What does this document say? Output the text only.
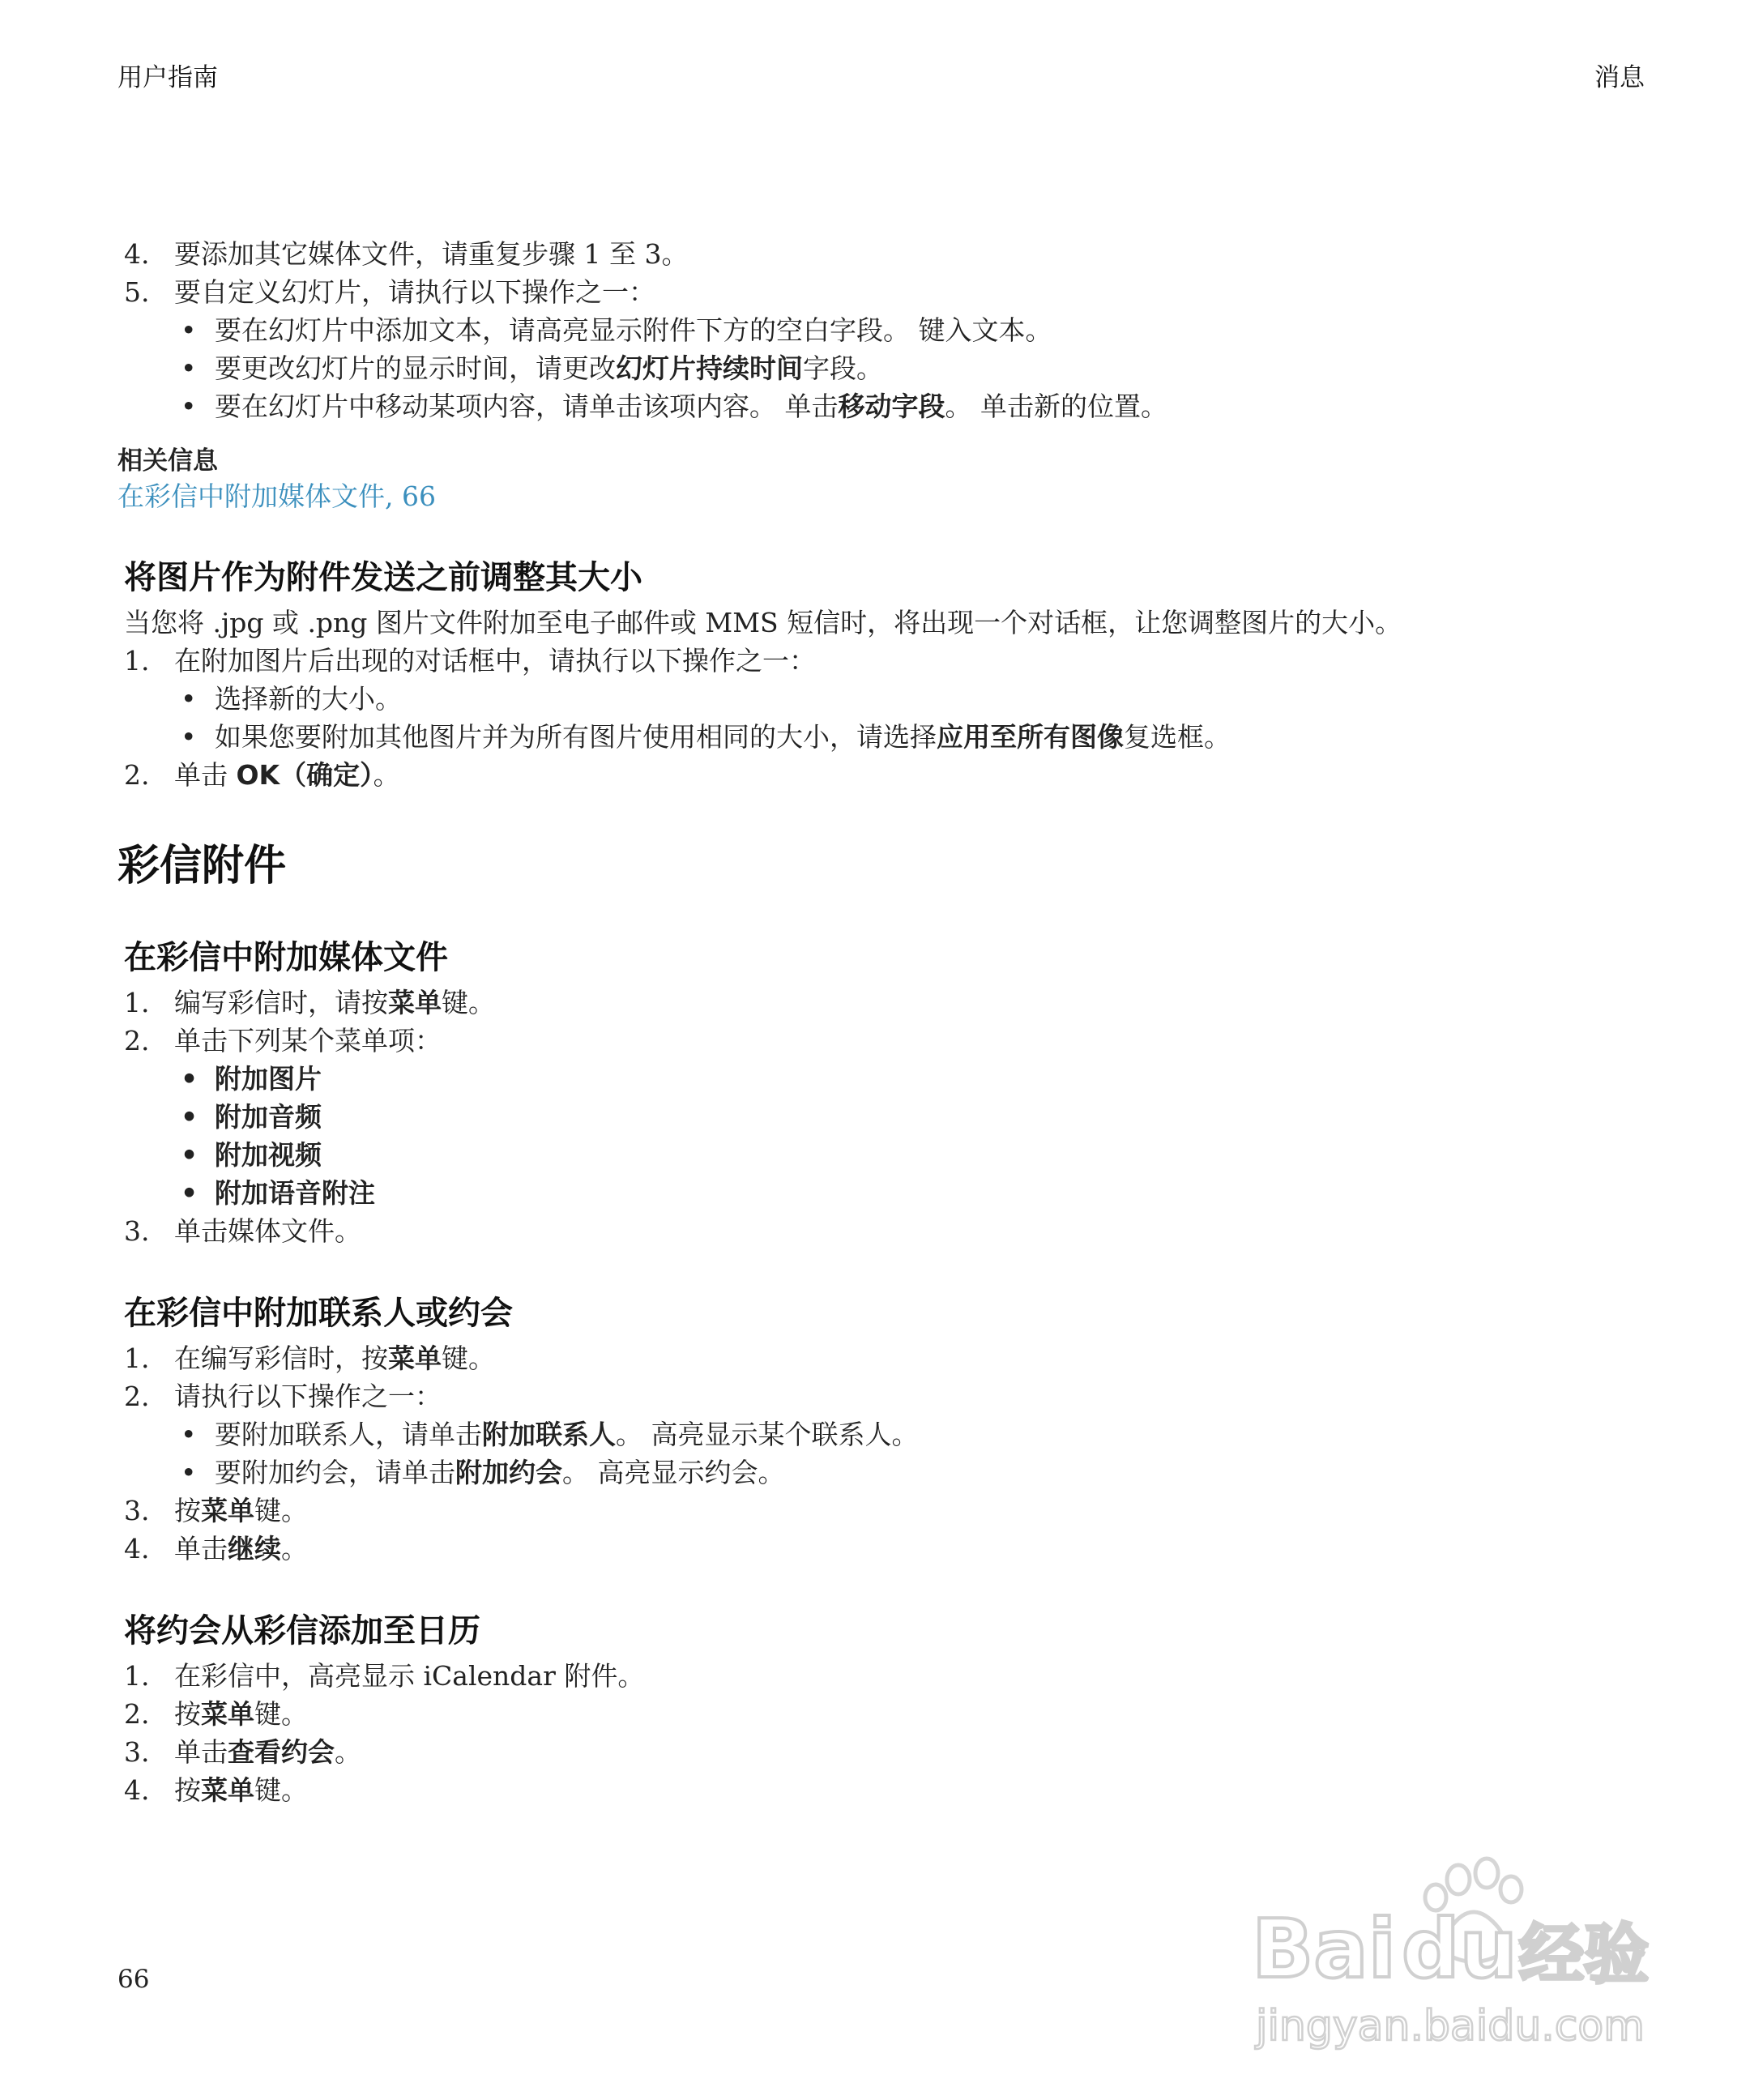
用户指南	消息
4. 要添加其它媒体文件，请重复步骤 1 至 3。
5. 要自定义幻灯片，请执行以下操作之一：
• 要在幻灯片中添加文本，请高亮显示附件下方的空白字段。 键入文本。
• 要更改幻灯片的显示时间，请更改幻灯片持续时间字段。
• 要在幻灯片中移动某项内容，请单击该项内容。 单击移动字段。 单击新的位置。
相关信息
在彩信中附加媒体文件, 66
将图片作为附件发送之前调整其大小
当您将 .jpg 或 .png 图片文件附加至电子邮件或 MMS 短信时，将出现一个对话框，让您调整图片的大小。
1. 在附加图片后出现的对话框中，请执行以下操作之一：
• 选择新的大小。
• 如果您要附加其他图片并为所有图片使用相同的大小，请选择应用至所有图像复选框。
2. 单击 OK（确定）。
彩信附件
在彩信中附加媒体文件
1. 编写彩信时，请按菜单键。
2. 单击下列某个菜单项：
• 附加图片
• 附加音频
• 附加视频
• 附加语音附注
3. 单击媒体文件。
在彩信中附加联系人或约会
1. 在编写彩信时，按菜单键。
2. 请执行以下操作之一：
• 要附加联系人，请单击附加联系人。 高亮显示某个联系人。
• 要附加约会，请单击附加约会。 高亮显示约会。
3. 按菜单键。
4. 单击继续。
将约会从彩信添加至日历
1. 在彩信中，高亮显示 iCalendar 附件。
2. 按菜单键。
3. 单击查看约会。
4. 按菜单键。
66	Bai du 经验
jingyan.baidu.com
